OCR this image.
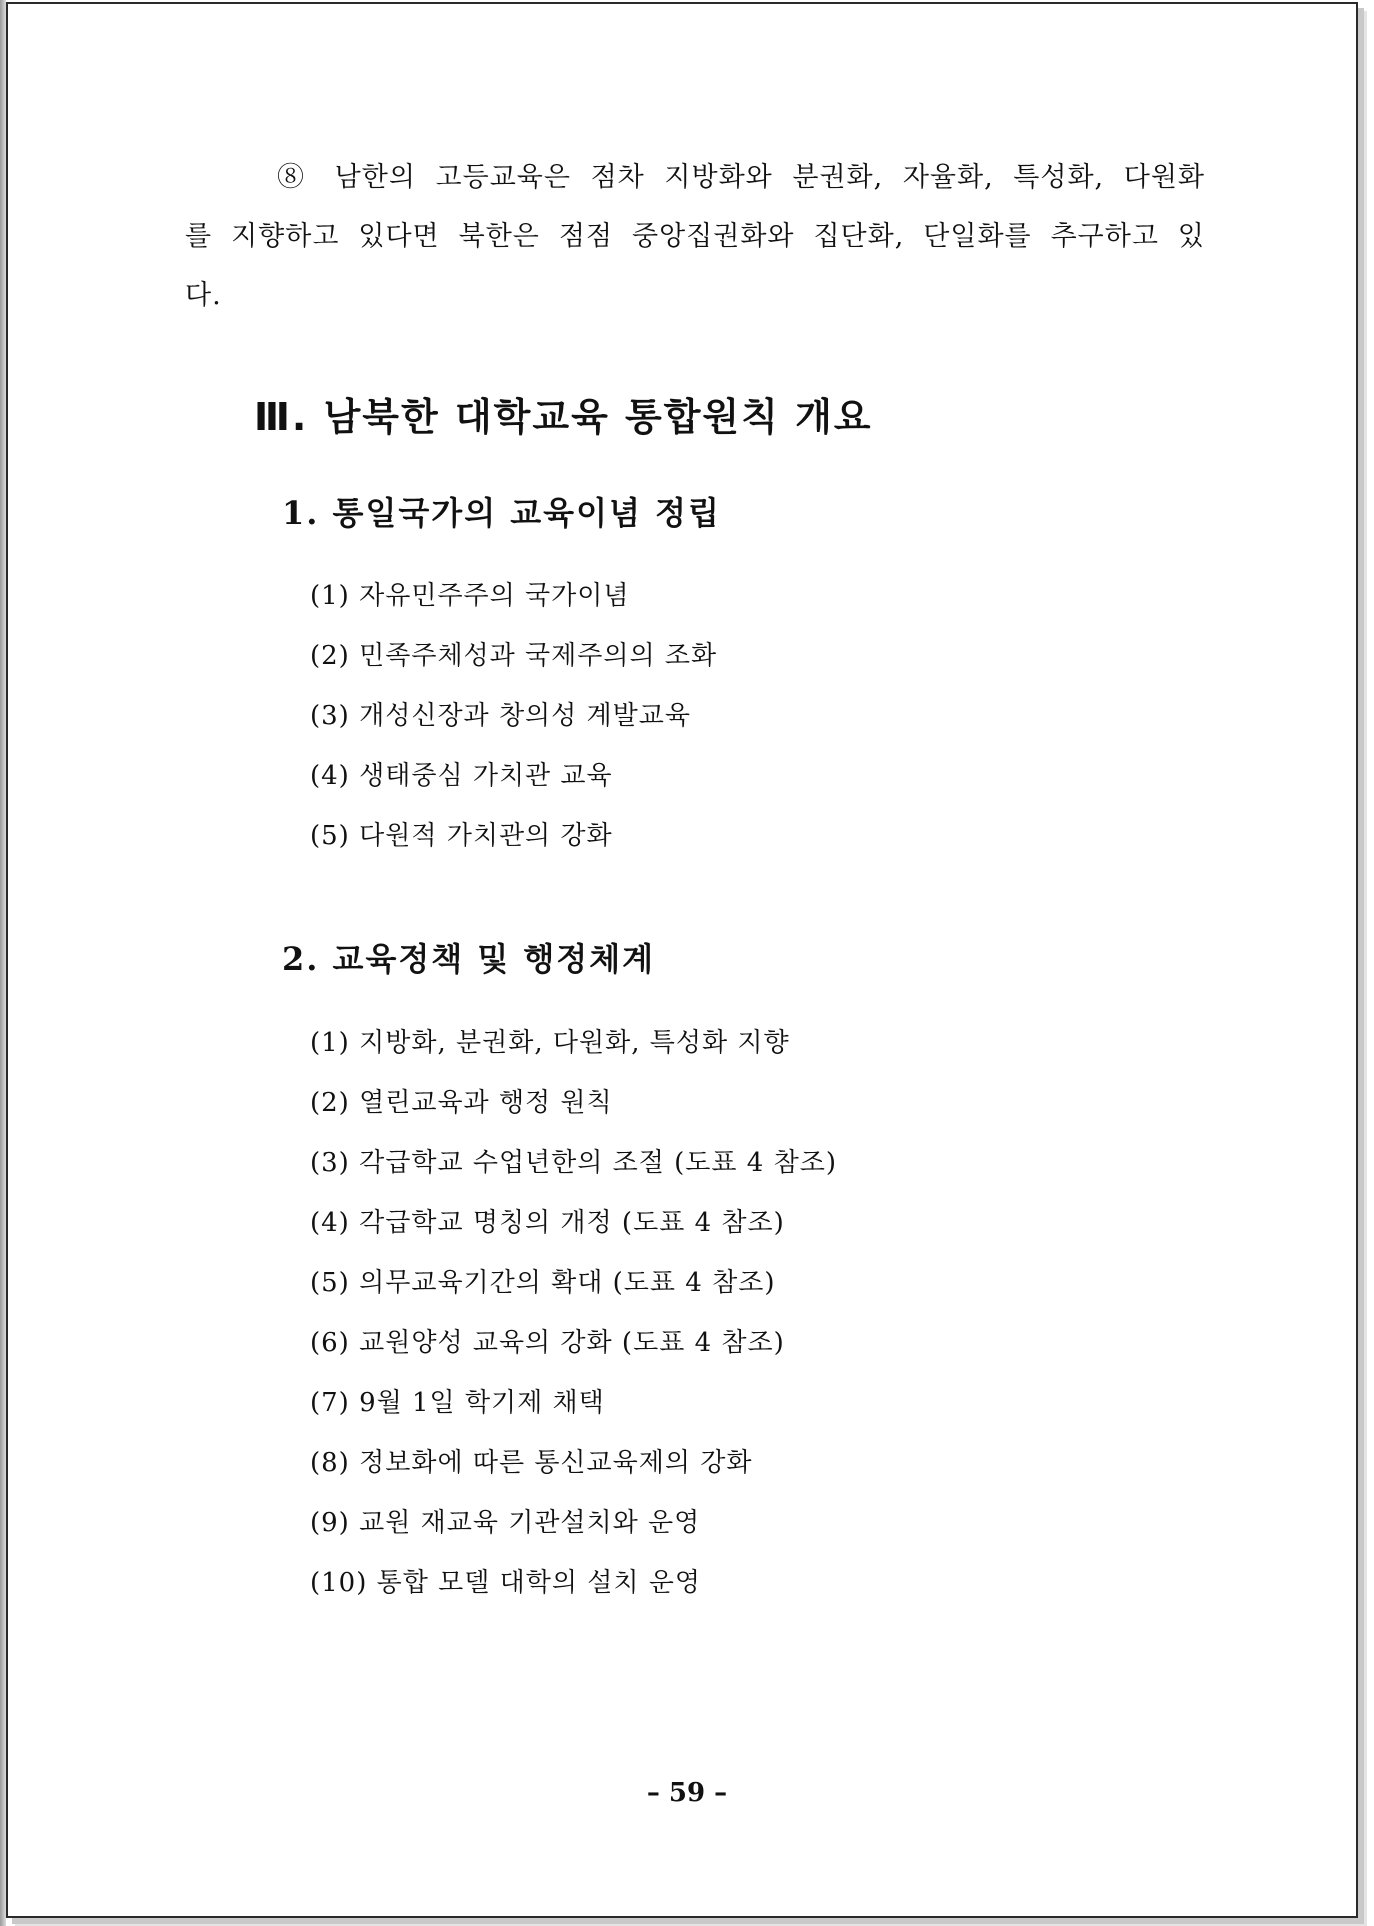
⑧ 남한의 고등교육은 점차 지방화와 분권화, 자율화, 특성화, 다원화
를 지향하고 있다면 북한은 점점 중앙집권화와 집단화, 단일화를 추구하고 있
다.
Ⅲ. 남북한 대학교육 통합원칙 개요
1. 통일국가의 교육이념 정립
(1) 자유민주주의 국가이념
(2) 민족주체성과 국제주의의 조화
(3) 개성신장과 창의성 계발교육
(4) 생태중심 가치관 교육
(5) 다원적 가치관의 강화
2. 교육정책 및 행정체계
(1) 지방화, 분권화, 다원화, 특성화 지향
(2) 열린교육과 행정 원칙
(3) 각급학교 수업년한의 조절 (도표 4 참조)
(4) 각급학교 명칭의 개정 (도표 4 참조)
(5) 의무교육기간의 확대 (도표 4 참조)
(6) 교원양성 교육의 강화 (도표 4 참조)
(7) 9월 1일 학기제 채택
(8) 정보화에 따른 통신교육제의 강화
(9) 교원 재교육 기관설치와 운영
(10) 통합 모델 대학의 설치 운영
– 59 –
